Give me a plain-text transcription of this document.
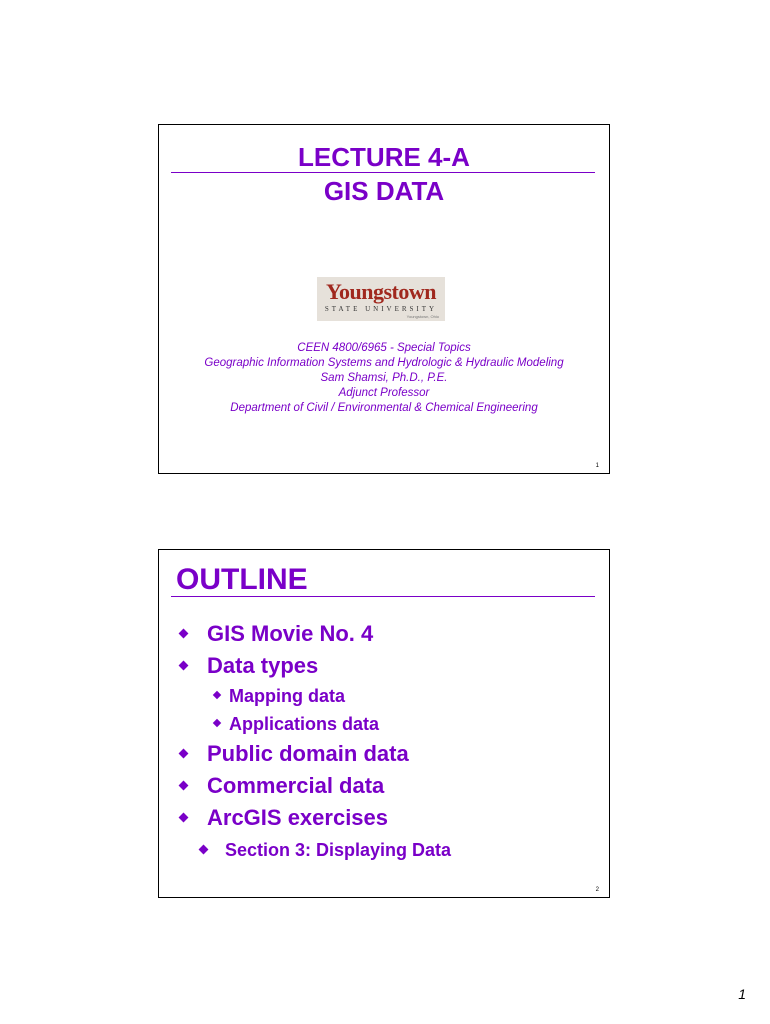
LECTURE 4-A
GIS DATA
Youngstown
STATE UNIVERSITY
Youngstown, Ohio
CEEN 4800/6965 - Special Topics
Geographic Information Systems and Hydrologic & Hydraulic Modeling
Sam Shamsi, Ph.D., P.E.
Adjunct Professor
Department of Civil / Environmental & Chemical Engineering
1
OUTLINE
GIS Movie No. 4
Data types
Mapping data
Applications data
Public domain data
Commercial data
ArcGIS exercises
Section 3: Displaying Data
2
1
